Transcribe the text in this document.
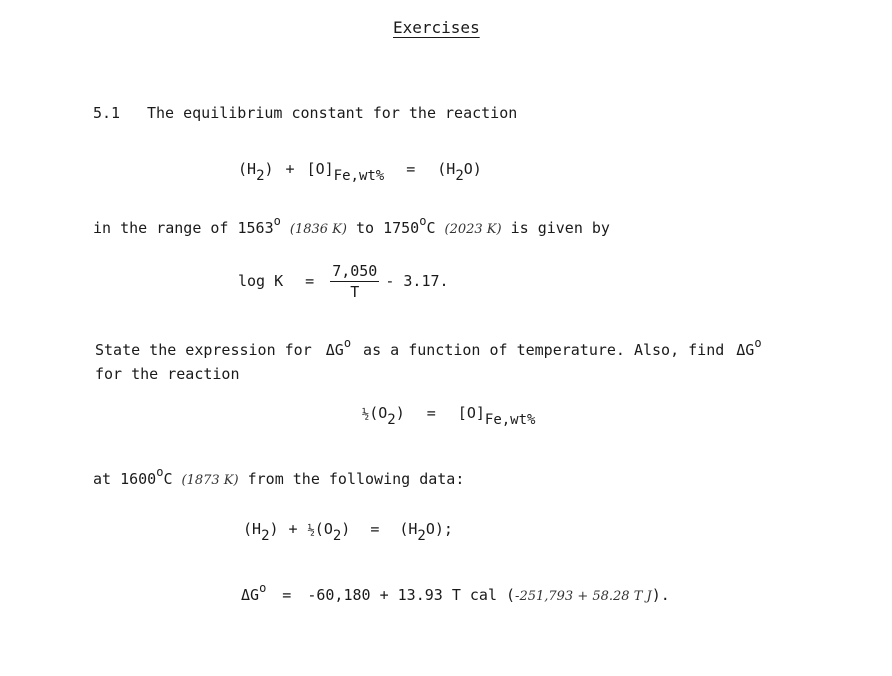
Exercises
5.1 The equilibrium constant for the reaction
$(H_2) + [O]_{Fe,wt\%} = (H_2O)$
in the range of 1563$^o$ (1836 K) to 1750$^o$C (2023 K) is given by
$\log K = \frac{7,050}{T} - 3.17$.
State the expression for $\Delta G^o$ as a function of temperature. Also, find $\Delta G^o$
for the reaction
$\frac{1}{2}(O_2) = [O]_{Fe,wt\%}$
at 1600$^o$C (1873 K) from the following data:
$(H_2)$ + $\frac{1}{2}(O_2) = (H_2O)$;
$\Delta G^o = -60,180 + 13.93$ T cal (-251,793 + 58.28 T J).
